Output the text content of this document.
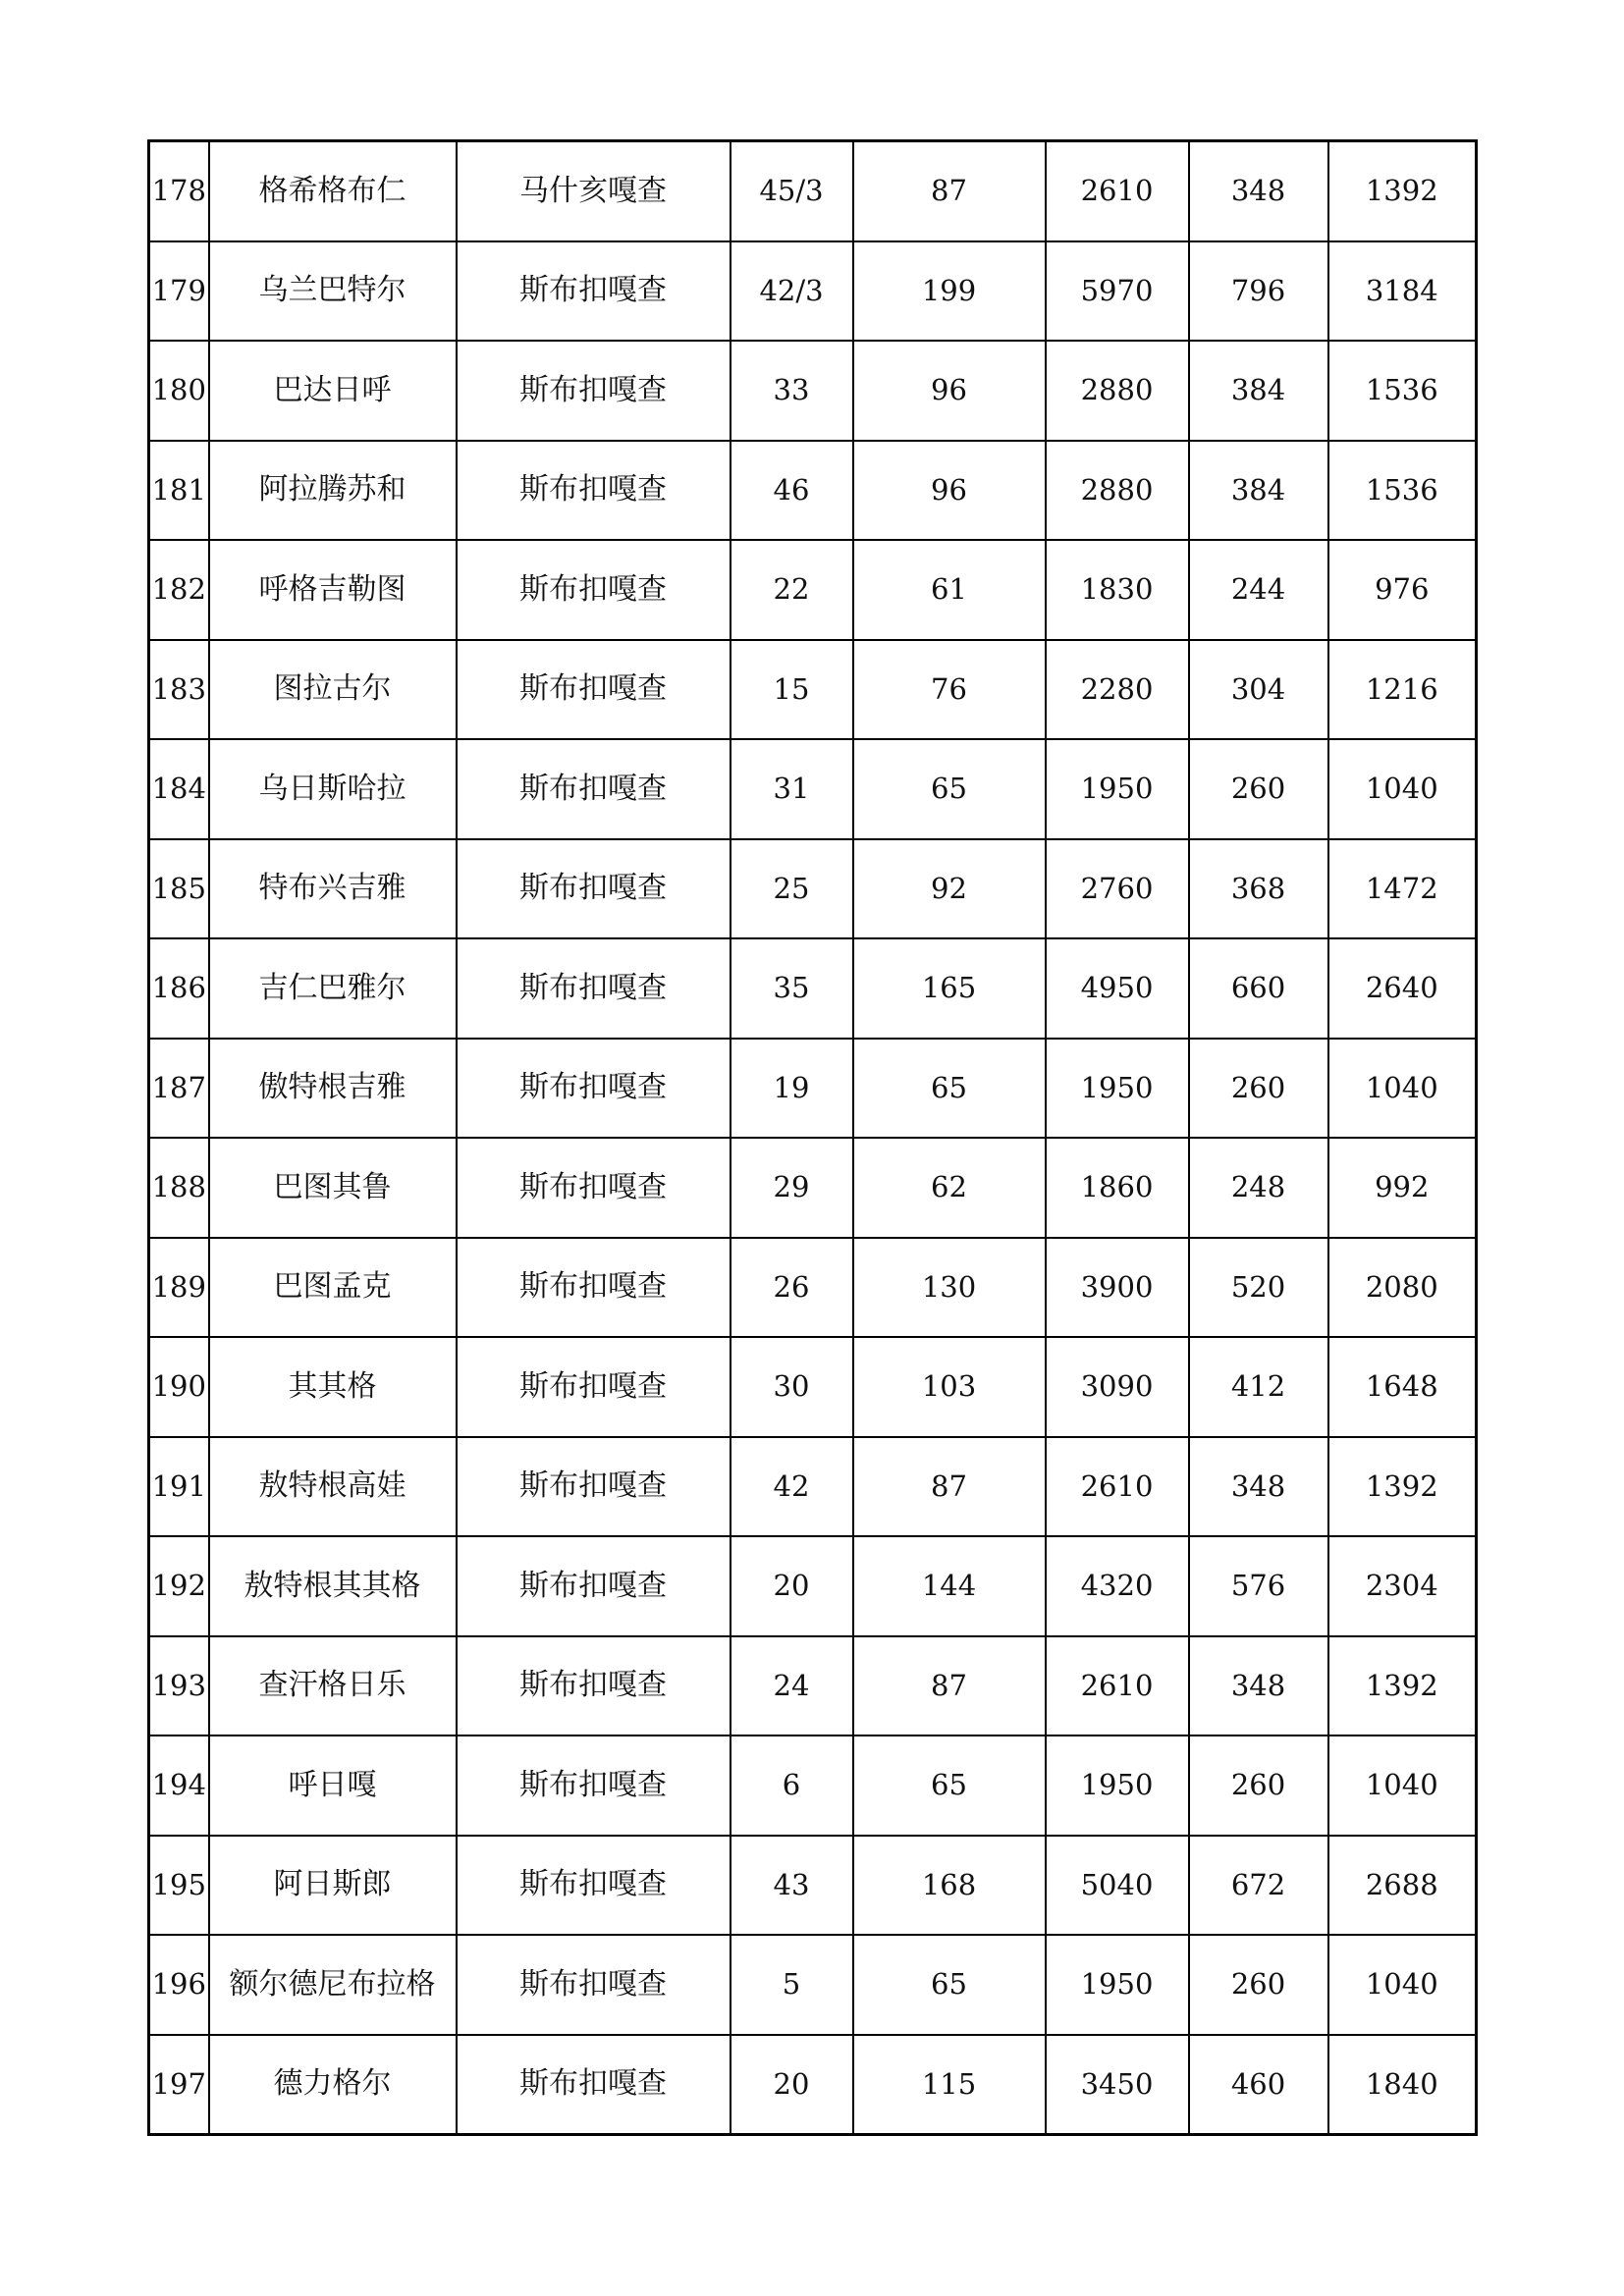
178	格希格布仁	马什亥嘎查	45/3	87	2610	348	1392
179	乌兰巴特尔	斯布扣嘎查	42/3	199	5970	796	3184
180	巴达日呼	斯布扣嘎查	33	96	2880	384	1536
181	阿拉腾苏和	斯布扣嘎查	46	96	2880	384	1536
182	呼格吉勒图	斯布扣嘎查	22	61	1830	244	976
183	图拉古尔	斯布扣嘎查	15	76	2280	304	1216
184	乌日斯哈拉	斯布扣嘎查	31	65	1950	260	1040
185	特布兴吉雅	斯布扣嘎查	25	92	2760	368	1472
186	吉仁巴雅尔	斯布扣嘎查	35	165	4950	660	2640
187	傲特根吉雅	斯布扣嘎查	19	65	1950	260	1040
188	巴图其鲁	斯布扣嘎查	29	62	1860	248	992
189	巴图孟克	斯布扣嘎查	26	130	3900	520	2080
190	其其格	斯布扣嘎查	30	103	3090	412	1648
191	敖特根高娃	斯布扣嘎查	42	87	2610	348	1392
192	敖特根其其格	斯布扣嘎查	20	144	4320	576	2304
193	查汗格日乐	斯布扣嘎查	24	87	2610	348	1392
194	呼日嘎	斯布扣嘎查	6	65	1950	260	1040
195	阿日斯郎	斯布扣嘎查	43	168	5040	672	2688
196	额尔德尼布拉格	斯布扣嘎查	5	65	1950	260	1040
197	德力格尔	斯布扣嘎查	20	115	3450	460	1840
